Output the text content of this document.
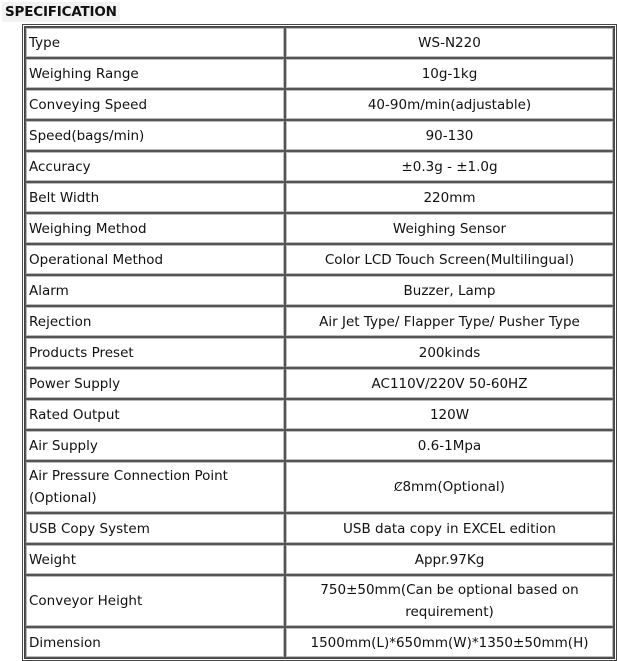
SPECIFICATION
Type	WS-N220
Weighing Range	10g-1kg
Conveying Speed	40-90m/min(adjustable)
Speed(bags/min)	90-130
Accuracy	±0.3g - ±1.0g
Belt Width	220mm
Weighing Method	Weighing Sensor
Operational Method	Color LCD Touch Screen(Multilingual)
Alarm	Buzzer, Lamp
Rejection	Air Jet Type/ Flapper Type/ Pusher Type
Products Preset	200kinds
Power Supply	AC110V/220V 50-60HZ
Rated Output	120W
Air Supply	0.6-1Mpa
Air Pressure Connection Point (Optional)	Ȼ8mm(Optional)
USB Copy System	USB data copy in EXCEL edition
Weight	Appr.97Kg
Conveyor Height	750±50mm(Can be optional based on requirement)
Dimension	1500mm(L)*650mm(W)*1350±50mm(H)
